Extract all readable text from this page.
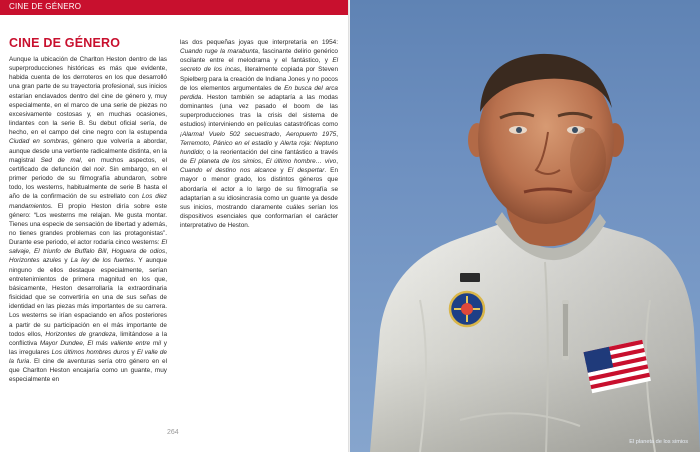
CINE DE GÉNERO
CINE DE GÉNERO

Aunque la ubicación de Charlton Heston dentro de las superproducciones históricas es más que evidente, habida cuenta de los derroteros en los que desarrolló una gran parte de su trayectoria profesional, sus inicios estarían enclavados dentro del cine de género y, muy especialmente, en el marco de una serie de piezas no excesivamente costosas y, en muchas ocasiones, lindantes con la serie B. Su debut oficial sería, de hecho, en el campo del cine negro con la estupenda Ciudad en sombras, género que volvería a abordar, aunque desde una vertiente radicalmente distinta, en la magistral Sed de mal, en muchos aspectos, el certificado de defunción del noir. Sin embargo, en el primer periodo de su filmografía abundaron, sobre todo, los westerns, habitualmente de serie B hasta el año de la confirmación de su estrellato con Los diez mandamientos. El propio Heston diría sobre este género: “Los westerns me relajan. Me gusta montar. Tienes una especie de sensación de libertad y además, no tienes grandes problemas con las protagonistas”. Durante ese periodo, el actor rodaría cinco westerns: El salvaje, El triunfo de Buffalo Bill, Hoguera de odios, Horizontes azules y La ley de los fuertes. Y aunque ninguno de ellos destaque especialmente, serían entretenimientos de primera magnitud en los que, básicamente, Heston desarrollaría la extraordinaria fisicidad que se convertiría en una de sus señas de identidad en las piezas más importantes de su carrera. Los westerns se irían espaciando en años posteriores a partir de su participación en el más importante de todos ellos, Horizontes de grandeza, limitándose a la conflictiva Mayor Dundee, El más valiente entre mil y las irregulares Los últimos hombres duros y El valle de la furia. El cine de aventuras sería otro género en el que Charlton Heston encajaría como un guante, muy especialmente en

las dos pequeñas joyas que interpretaría en 1954: Cuando ruge la marabunta, fascinante delirio genérico oscilante entre el melodrama y el fantástico, y El secreto de los incas, literalmente copiada por Steven Spielberg para la creación de Indiana Jones y no pocos de los elementos argumentales de En busca del arca perdida. Heston también se adaptaría a las modas dominantes (una vez pasado el boom de las superproducciones tras la crisis del sistema de estudios) interviniendo en películas catastróficas como ¡Alarma! Vuelo 502 secuestrado, Aeropuerto 1975, Terremoto, Pánico en el estadio y Alerta roja: Neptuno hundido; o la reorientación del cine fantástico a través de El planeta de los simios, El último hombre… vivo, Cuando el destino nos alcance y El despertar. En mayor o menor grado, los distintos géneros que abordaría el actor a lo largo de su filmografía se adaptarían a su idiosincrasia como un guante ya desde sus inicios, mostrando claramente cuáles serían los dispositivos esenciales que conformarían el carácter interpretativo de Heston.

264
El planeta de los simios
